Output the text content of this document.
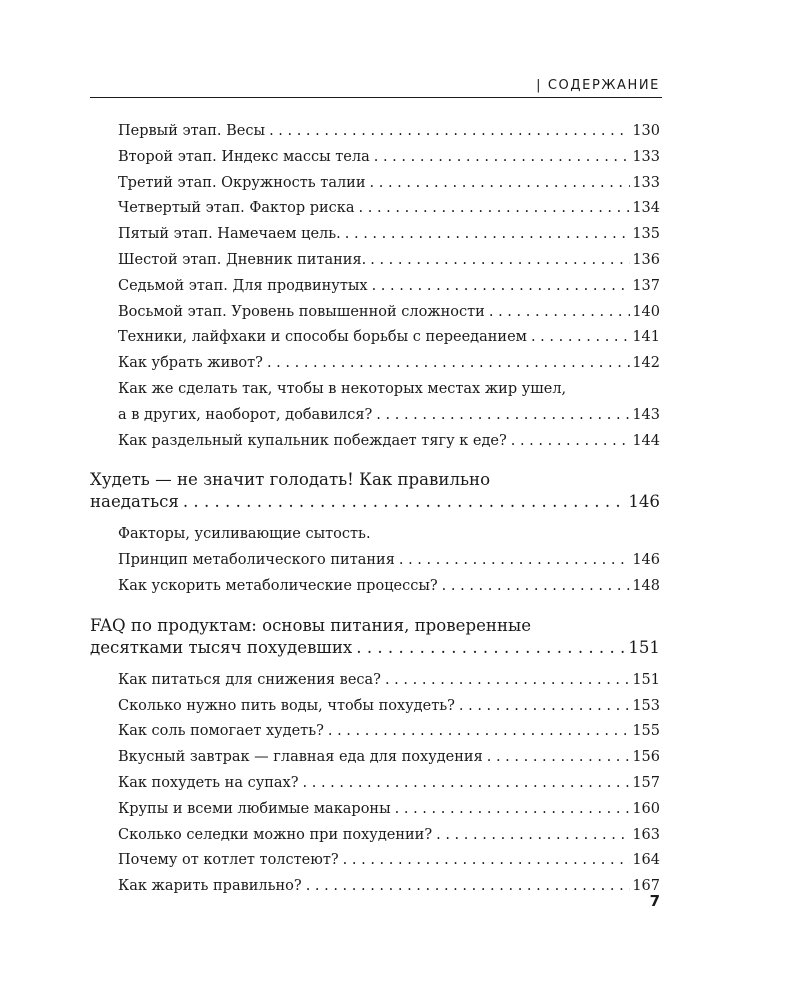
| СОДЕРЖАНИЕ
Первый этап. Весы . . .	130
Второй этап. Индекс массы тела . . .	133
Третий этап. Окружность талии . . .	133
Четвертый этап. Фактор риска . . .	134
Пятый этап. Намечаем цель. . . .	135
Шестой этап. Дневник питания. . . .	136
Седьмой этап. Для продвинутых . . .	137
Восьмой этап. Уровень повышенной сложности . . .	140
Техники, лайфхаки и способы борьбы с перееданием . . .	141
Как убрать живот? . . .	142
Как же сделать так, чтобы в некоторых местах жир ушел,
а в других, наоборот, добавился? . . .	143
Как раздельный купальник побеждает тягу к еде? . . .	144
Худеть — не значит голодать! Как правильно
наедаться . . .	146
Факторы, усиливающие сытость.
Принцип метаболического питания . . .	146
Как ускорить метаболические процессы? . . .	148
FAQ по продуктам: основы питания, проверенные
десятками тысяч похудевших . . .	151
Как питаться для снижения веса? . . .	151
Сколько нужно пить воды, чтобы похудеть? . . .	153
Как соль помогает худеть? . . .	155
Вкусный завтрак — главная еда для похудения . . .	156
Как похудеть на супах? . . .	157
Крупы и всеми любимые макароны . . .	160
Сколько селедки можно при похудении? . . .	163
Почему от котлет толстеют? . . .	164
Как жарить правильно? . . .	167
7
